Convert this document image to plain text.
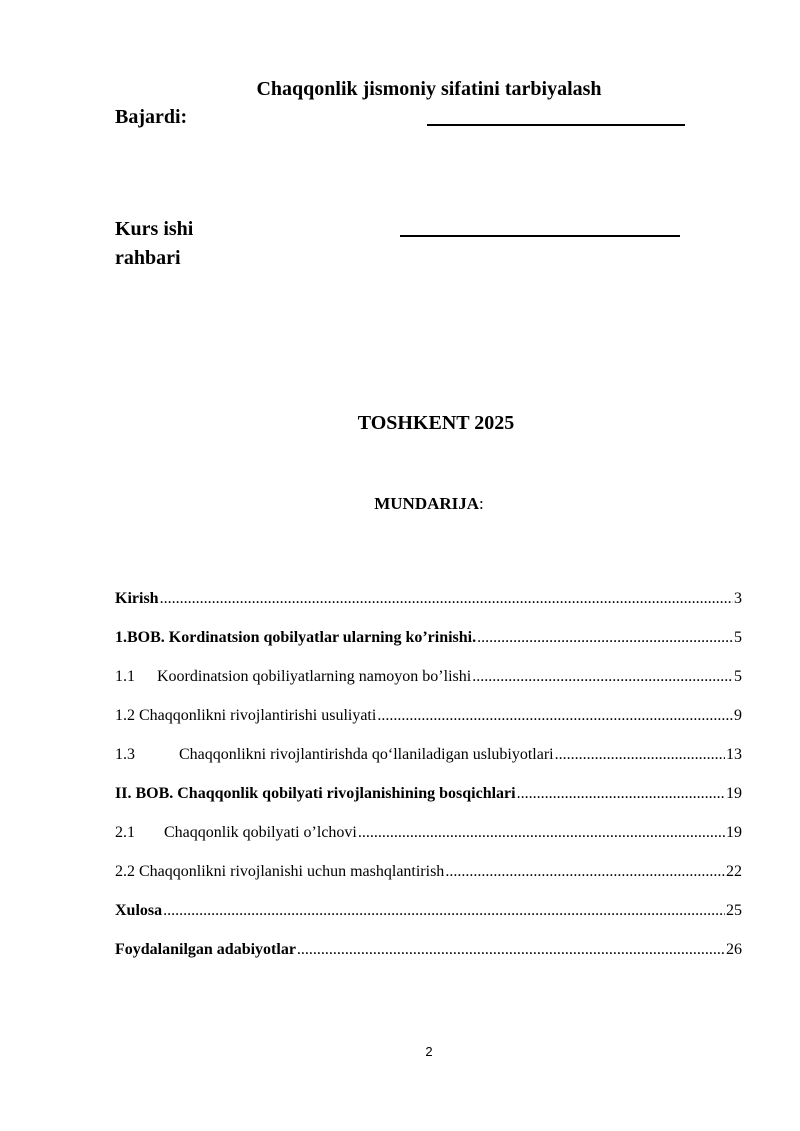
Chaqqonlik jismoniy sifatini tarbiyalash
Bajardi:
Kurs ishi
rahbari
TOSHKENT 2025
MUNDARIJA:
Kirish .....	3
1.BOB. Kordinatsion qobilyatlar ularning ko’rinishi. .....	5
1.1 Koordinatsion qobiliyatlarning namoyon bo’lishi .....	5
1.2 Chaqqonlikni rivojlantirishi usuliyati .....	9
1.3	Chaqqonlikni rivojlantirishda qo‘llaniladigan uslubiyotlari .....	13
II. BOB. Chaqqonlik qobilyati rivojlanishining bosqichlari .....	19
2.1 Chaqqonlik qobilyati o’lchovi .....	19
2.2 Chaqqonlikni rivojlanishi uchun mashqlantirish .....	22
Xulosa .....	25
Foydalanilgan adabiyotlar .....	26
2
